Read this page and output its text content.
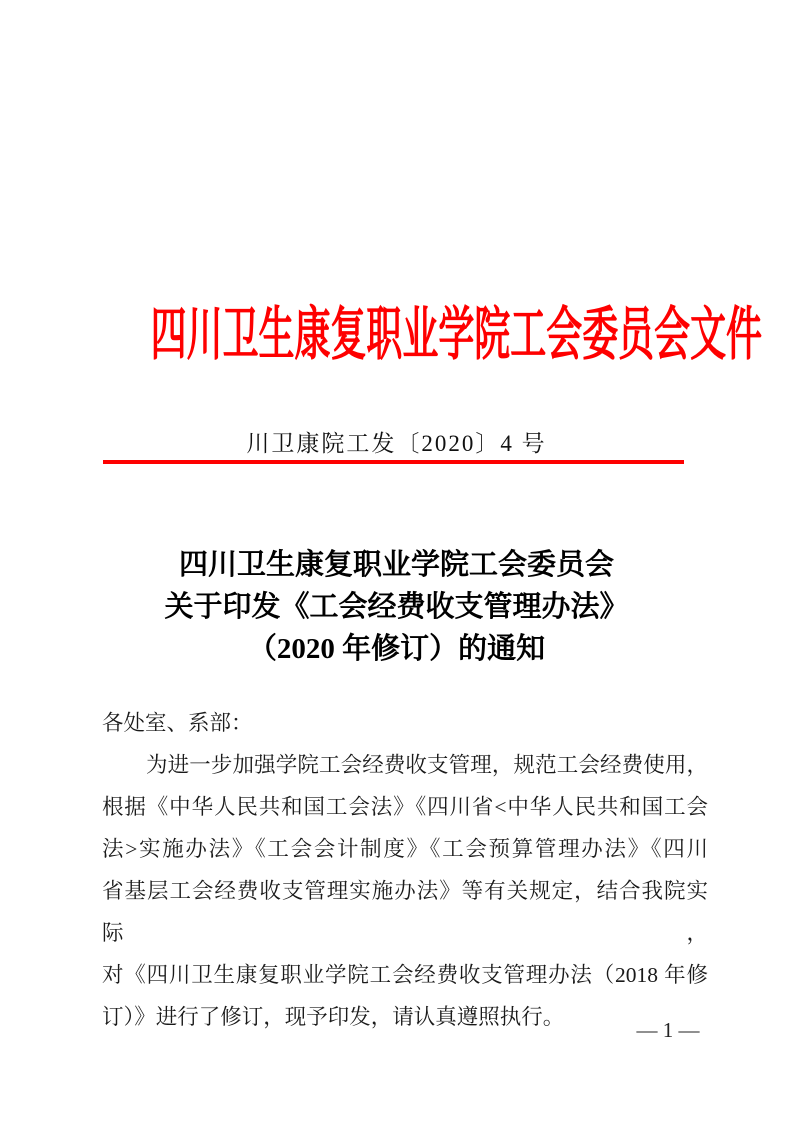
四川卫生康复职业学院工会委员会文件
川卫康院工发〔2020〕4 号
四川卫生康复职业学院工会委员会
关于印发《工会经费收支管理办法》
（2020 年修订）的通知
各处室、系部：
为进一步加强学院工会经费收支管理，规范工会经费使用，
根据《中华人民共和国工会法》《四川省<中华人民共和国工会
法>实施办法》《工会会计制度》《工会预算管理办法》《四川
省基层工会经费收支管理实施办法》等有关规定，结合我院实际，
对《四川卫生康复职业学院工会经费收支管理办法（2018 年修
订）》进行了修订，现予印发，请认真遵照执行。
— 1 —
